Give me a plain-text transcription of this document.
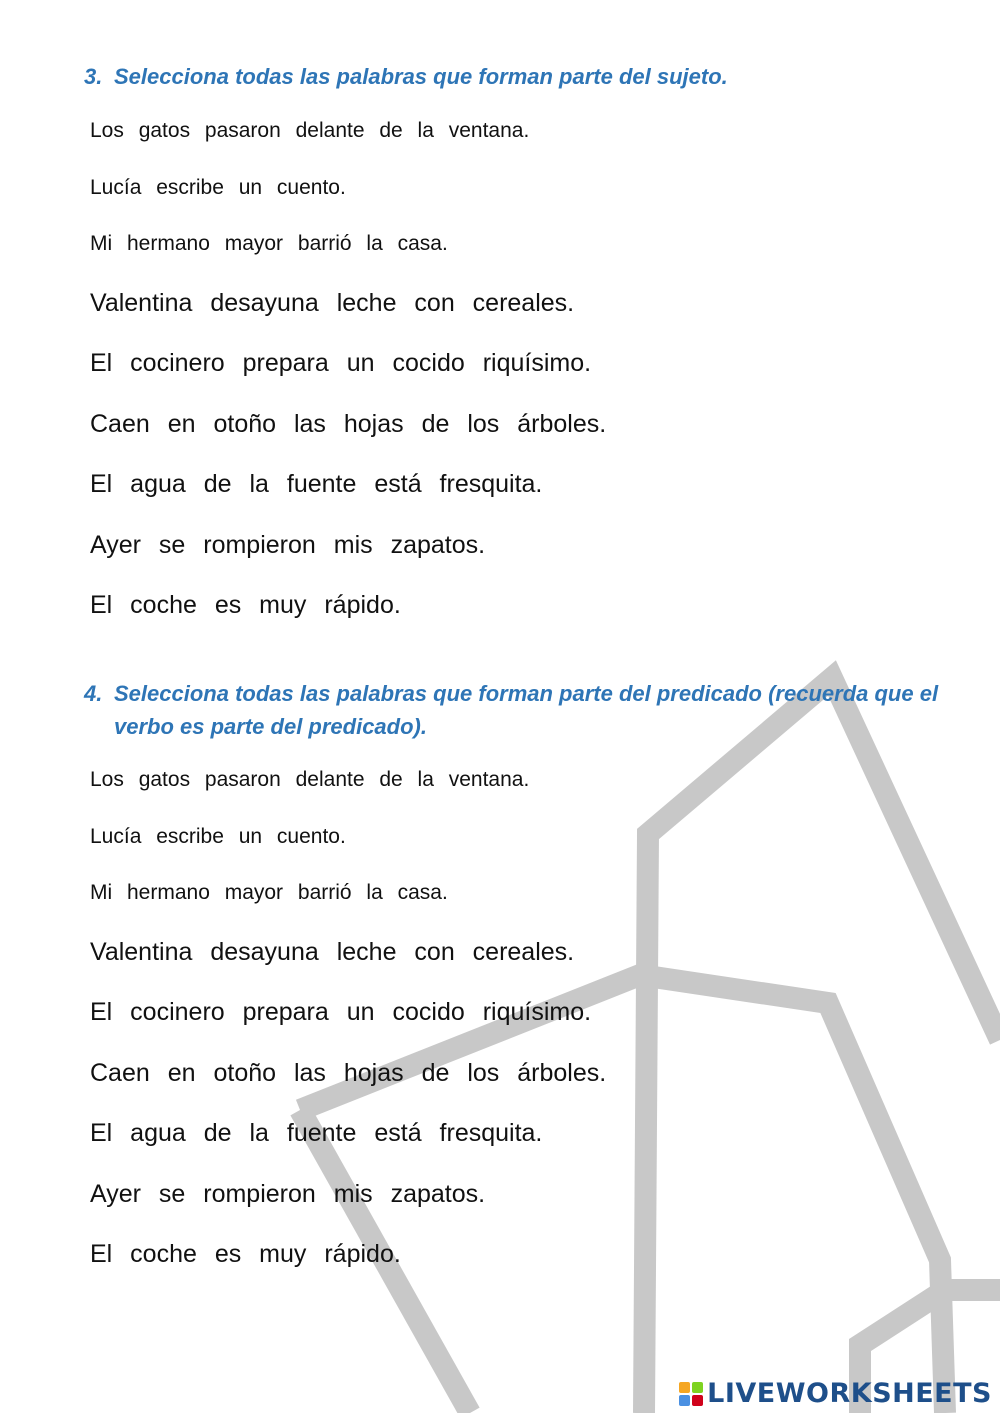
3. Selecciona todas las palabras que forman parte del sujeto.
Los gatos pasaron delante de la ventana.
Lucía escribe un cuento.
Mi hermano mayor barrió la casa.
Valentina desayuna leche con cereales.
El cocinero prepara un cocido riquísimo.
Caen en otoño las hojas de los árboles.
El agua de la fuente está fresquita.
Ayer se rompieron mis zapatos.
El coche es muy rápido.
4. Selecciona todas las palabras que forman parte del predicado (recuerda que el verbo es parte del predicado).
Los gatos pasaron delante de la ventana.
Lucía escribe un cuento.
Mi hermano mayor barrió la casa.
Valentina desayuna leche con cereales.
El cocinero prepara un cocido riquísimo.
Caen en otoño las hojas de los árboles.
El agua de la fuente está fresquita.
Ayer se rompieron mis zapatos.
El coche es muy rápido.
LIVEWORKSHEETS
